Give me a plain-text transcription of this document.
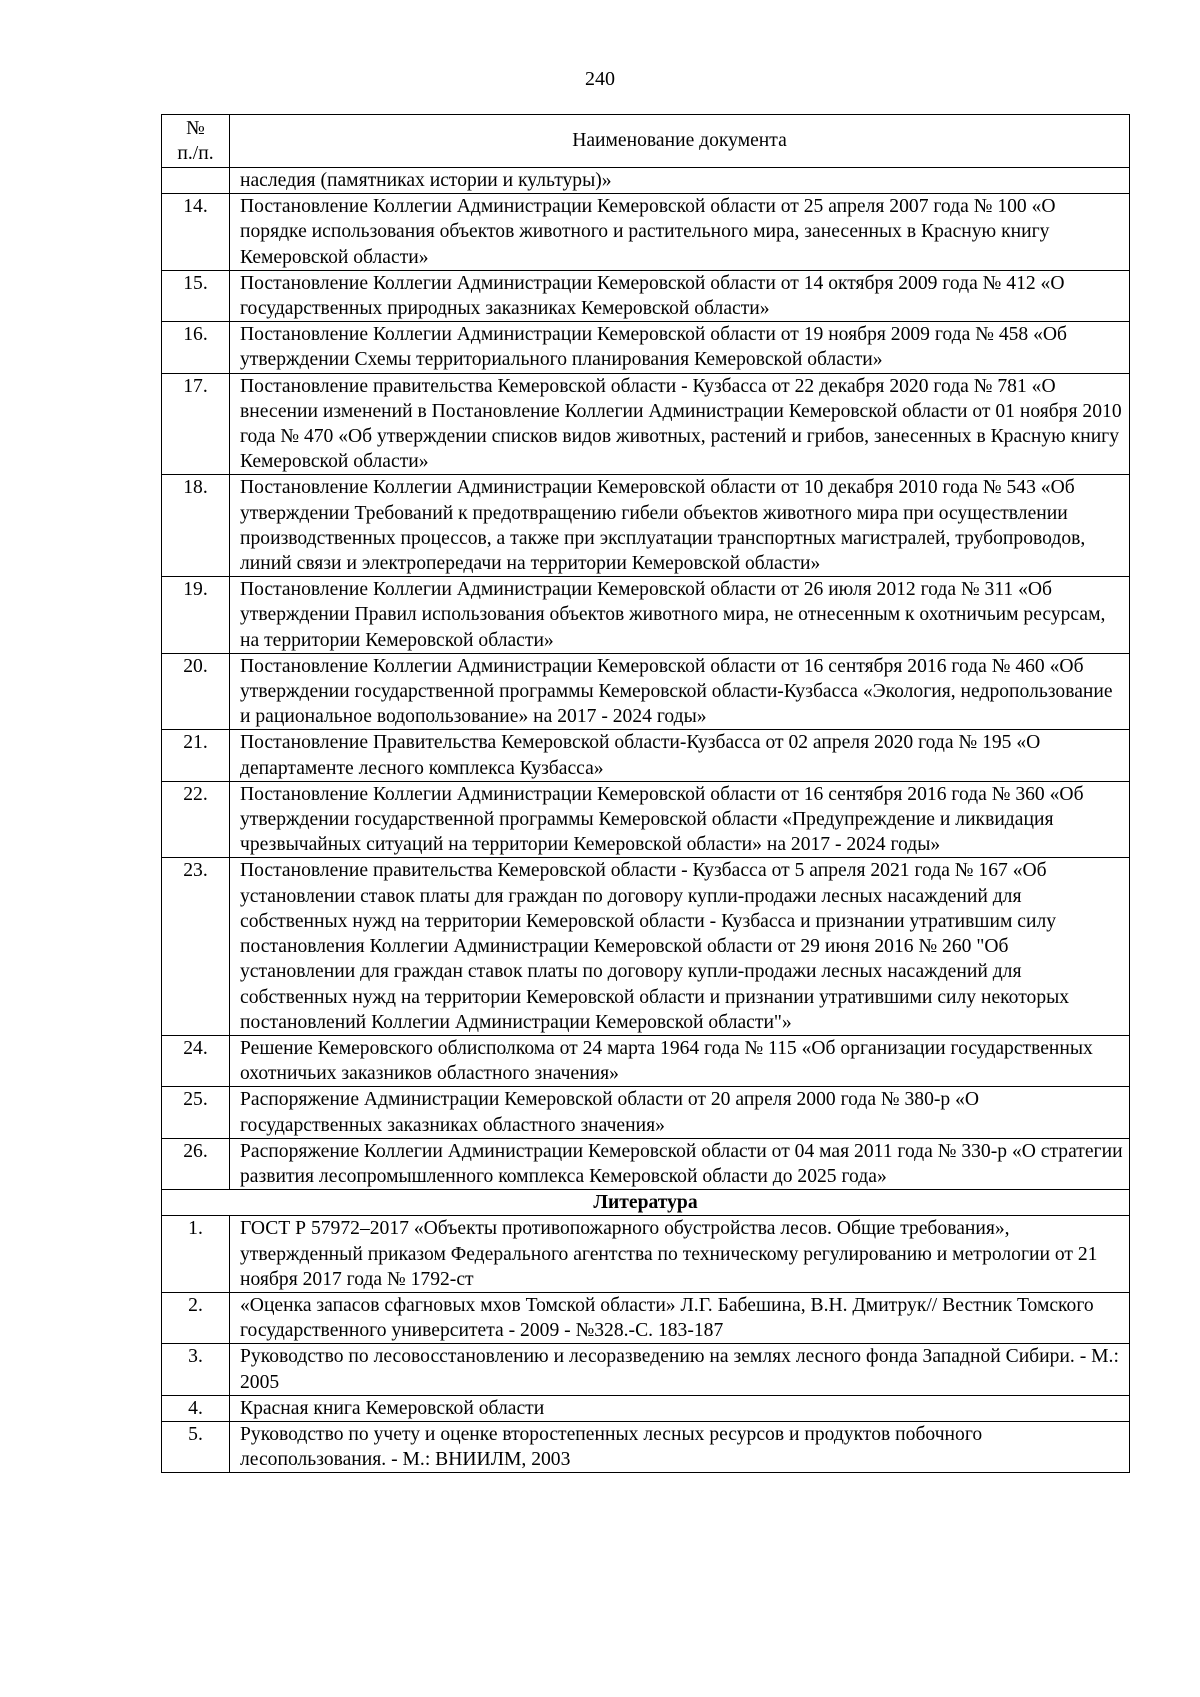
240
№
п./п.	Наименование документа
	наследия (памятниках истории и культуры)»
14.	Постановление Коллегии Администрации Кемеровской области от 25 апреля 2007 года № 100 «О порядке использования объектов животного и растительного мира, занесенных в Красную книгу Кемеровской области»
15.	Постановление Коллегии Администрации Кемеровской области от 14 октября 2009 года № 412 «О государственных природных заказниках Кемеровской области»
16.	Постановление Коллегии Администрации Кемеровской области от 19 ноября 2009 года № 458 «Об утверждении Схемы территориального планирования Кемеровской области»
17.	Постановление правительства Кемеровской области - Кузбасса от 22 декабря 2020 года № 781 «О внесении изменений в Постановление Коллегии Администрации Кемеровской области от 01 ноября 2010 года № 470 «Об утверждении списков видов животных, растений и грибов, занесенных в Красную книгу Кемеровской области»
18.	Постановление Коллегии Администрации Кемеровской области от 10 декабря 2010 года № 543 «Об утверждении Требований к предотвращению гибели объектов животного мира при осуществлении производственных процессов, а также при эксплуатации транспортных магистралей, трубопроводов, линий связи и электропередачи на территории Кемеровской области»
19.	Постановление Коллегии Администрации Кемеровской области от 26 июля 2012 года № 311 «Об утверждении Правил использования объектов животного мира, не отнесенным к охотничьим ресурсам, на территории Кемеровской области»
20.	Постановление Коллегии Администрации Кемеровской области от 16 сентября 2016 года № 460 «Об утверждении государственной программы Кемеровской области-Кузбасса «Экология, недропользование и рациональное водопользование» на 2017 - 2024 годы»
21.	Постановление Правительства Кемеровской области-Кузбасса от 02 апреля 2020 года № 195 «О департаменте лесного комплекса Кузбасса»
22.	Постановление Коллегии Администрации Кемеровской области от 16 сентября 2016 года № 360 «Об утверждении государственной программы Кемеровской области «Предупреждение и ликвидация чрезвычайных ситуаций на территории Кемеровской области» на 2017 - 2024 годы»
23.	Постановление правительства Кемеровской области - Кузбасса от 5 апреля 2021 года № 167 «Об установлении ставок платы для граждан по договору купли-продажи лесных насаждений для собственных нужд на территории Кемеровской области - Кузбасса и признании утратившим силу постановления Коллегии Администрации Кемеровской области от 29 июня 2016 № 260 "Об установлении для граждан ставок платы по договору купли-продажи лесных насаждений для собственных нужд на территории Кемеровской области и признании утратившими силу некоторых постановлений Коллегии Администрации Кемеровской области"»
24.	Решение Кемеровского облисполкома от 24 марта 1964 года № 115 «Об организации государственных охотничьих заказников областного значения»
25.	Распоряжение Администрации Кемеровской области от 20 апреля 2000 года № 380-р «О государственных заказниках областного значения»
26.	Распоряжение Коллегии Администрации Кемеровской области от 04 мая 2011 года № 330-р «О стратегии развития лесопромышленного комплекса Кемеровской области до 2025 года»
Литература	
1.	ГОСТ Р 57972–2017 «Объекты противопожарного обустройства лесов. Общие требования», утвержденный приказом Федерального агентства по техническому регулированию и метрологии от 21 ноября 2017 года № 1792-ст
2.	«Оценка запасов сфагновых мхов Томской области» Л.Г. Бабешина, В.Н. Дмитрук// Вестник Томского государственного университета - 2009 - №328.-С. 183-187
3.	Руководство по лесовосстановлению и лесоразведению на землях лесного фонда Западной Сибири. - М.: 2005
4.	Красная книга Кемеровской области
5.	Руководство по учету и оценке второстепенных лесных ресурсов и продуктов побочного лесопользования. - М.: ВНИИЛМ, 2003
